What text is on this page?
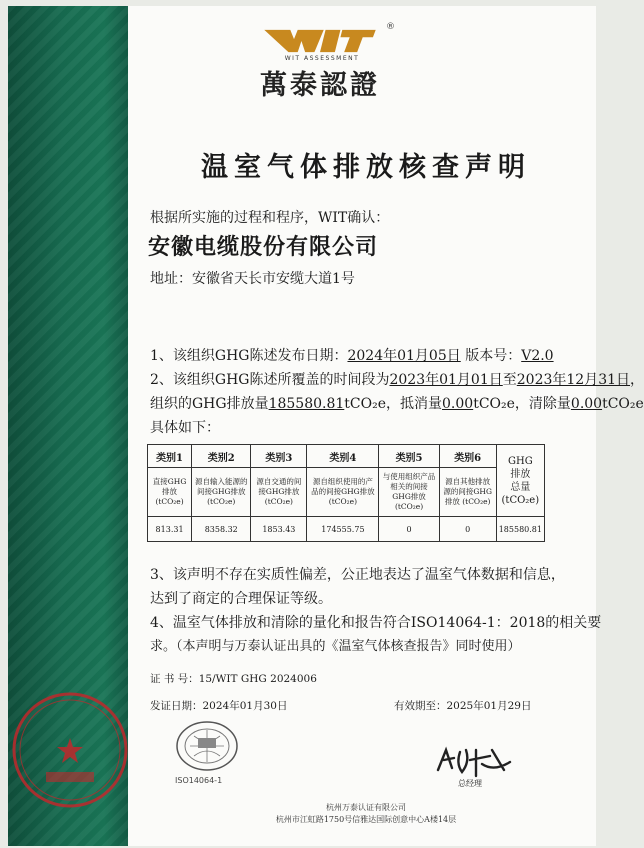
®
WIT ASSESSMENT
萬泰認證
温室气体排放核查声明
根据所实施的过程和程序，WIT确认：
安徽电缆股份有限公司
地址：安徽省天长市安缆大道1号
1、该组织GHG陈述发布日期：2024年01月05日 版本号：V2.0
2、该组织GHG陈述所覆盖的时间段为2023年01月01日至2023年12月31日，
组织的GHG排放量185580.81tCO₂e，抵消量0.00tCO₂e，清除量0.00tCO₂e
具体如下：
类别1	类别2	类别3	类别4	类别5	类别6	GHG
排放
总量
(tCO₂e)

直接GHG排放 (tCO₂e)	源自输入能源的间接GHG排放 (tCO₂e)	源自交通的间接GHG排放 (tCO₂e)	源自组织使用的产品的间接GHG排放 (tCO₂e)	与使用组织产品相关的间接GHG排放 (tCO₂e)	源自其他排放源的间接GHG排放 (tCO₂e)	
813.31	8358.32	1853.43	174555.75	0	0	185580.81
3、该声明不存在实质性偏差，公正地表达了温室气体数据和信息，
达到了商定的合理保证等级。
4、温室气体排放和清除的量化和报告符合ISO14064-1：2018的相关要
求。（本声明与万泰认证出具的《温室气体核查报告》同时使用）
证 书 号：15/WIT GHG 2024006
发证日期：2024年01月30日	有效期至：2025年01月29日
ISO14064-1	总经理
杭州万泰认证有限公司
杭州市江虹路1750号信雅达国际创意中心A楼14层
